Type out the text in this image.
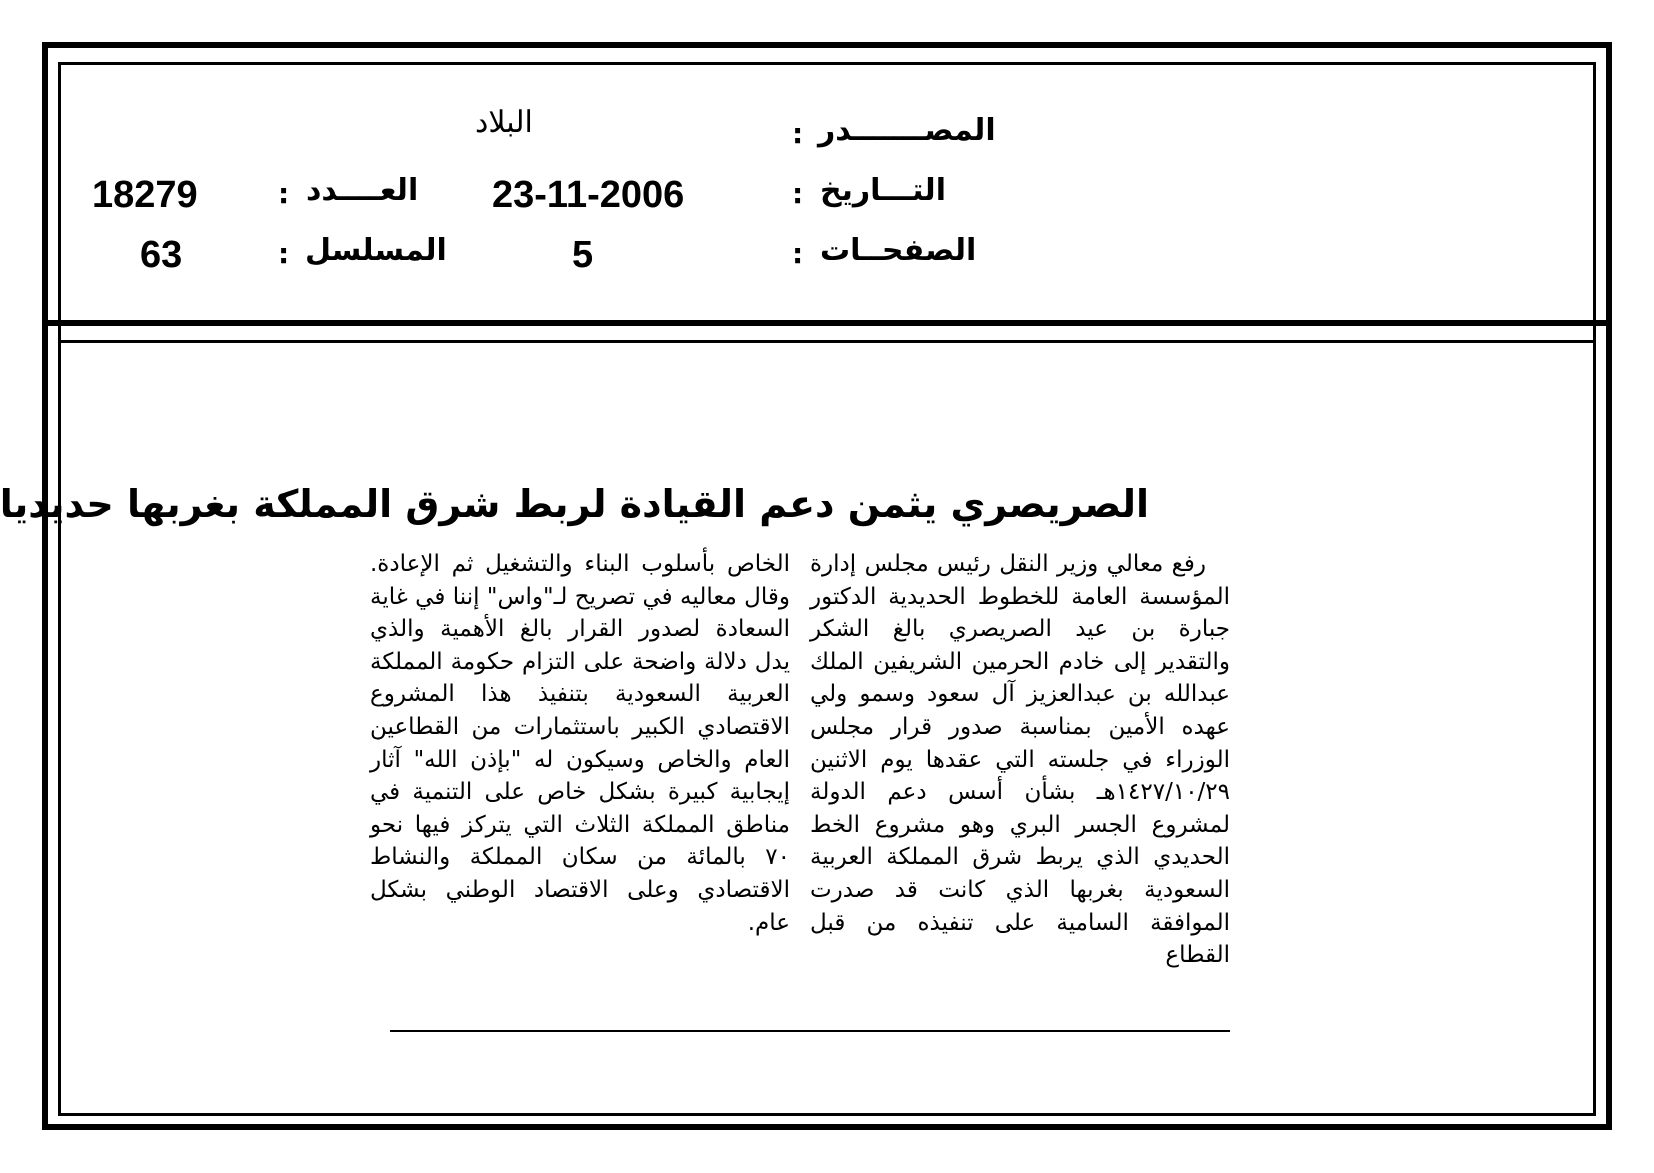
المصـــــــدر
:
البلاد
التـــاريخ
:
23-11-2006
العــــدد
:
18279
الصفحــات
:
5
المسلسل
:
63
الصريصري يثمن دعم القيادة لربط شرق المملكة بغربها حديديا
رفع معالي وزير النقل رئيس مجلس إدارة المؤسسة العامة للخطوط الحديدية الدكتور جبارة بن عيد الصريصري بالغ الشكر والتقدير إلى خادم الحرمين الشريفين الملك عبدالله بن عبدالعزيز آل سعود وسمو ولي عهده الأمين بمناسبة صدور قرار مجلس الوزراء في جلسته التي عقدها يوم الاثنين ١٤٢٧/١٠/٢٩هـ بشأن أسس دعم الدولة لمشروع الجسر البري وهو مشروع الخط الحديدي الذي يربط شرق المملكة العربية السعودية بغربها الذي كانت قد صدرت الموافقة السامية على تنفيذه من قبل القطاع
الخاص بأسلوب البناء والتشغيل ثم الإعادة. وقال معاليه في تصريح لـ"واس" إننا في غاية السعادة لصدور القرار بالغ الأهمية والذي يدل دلالة واضحة على التزام حكومة المملكة العربية السعودية بتنفيذ هذا المشروع الاقتصادي الكبير باستثمارات من القطاعين العام والخاص وسيكون له "بإذن الله" آثار إيجابية كبيرة بشكل خاص على التنمية في مناطق المملكة الثلاث التي يتركز فيها نحو ٧٠ بالمائة من سكان المملكة والنشاط الاقتصادي وعلى الاقتصاد الوطني بشكل عام.
